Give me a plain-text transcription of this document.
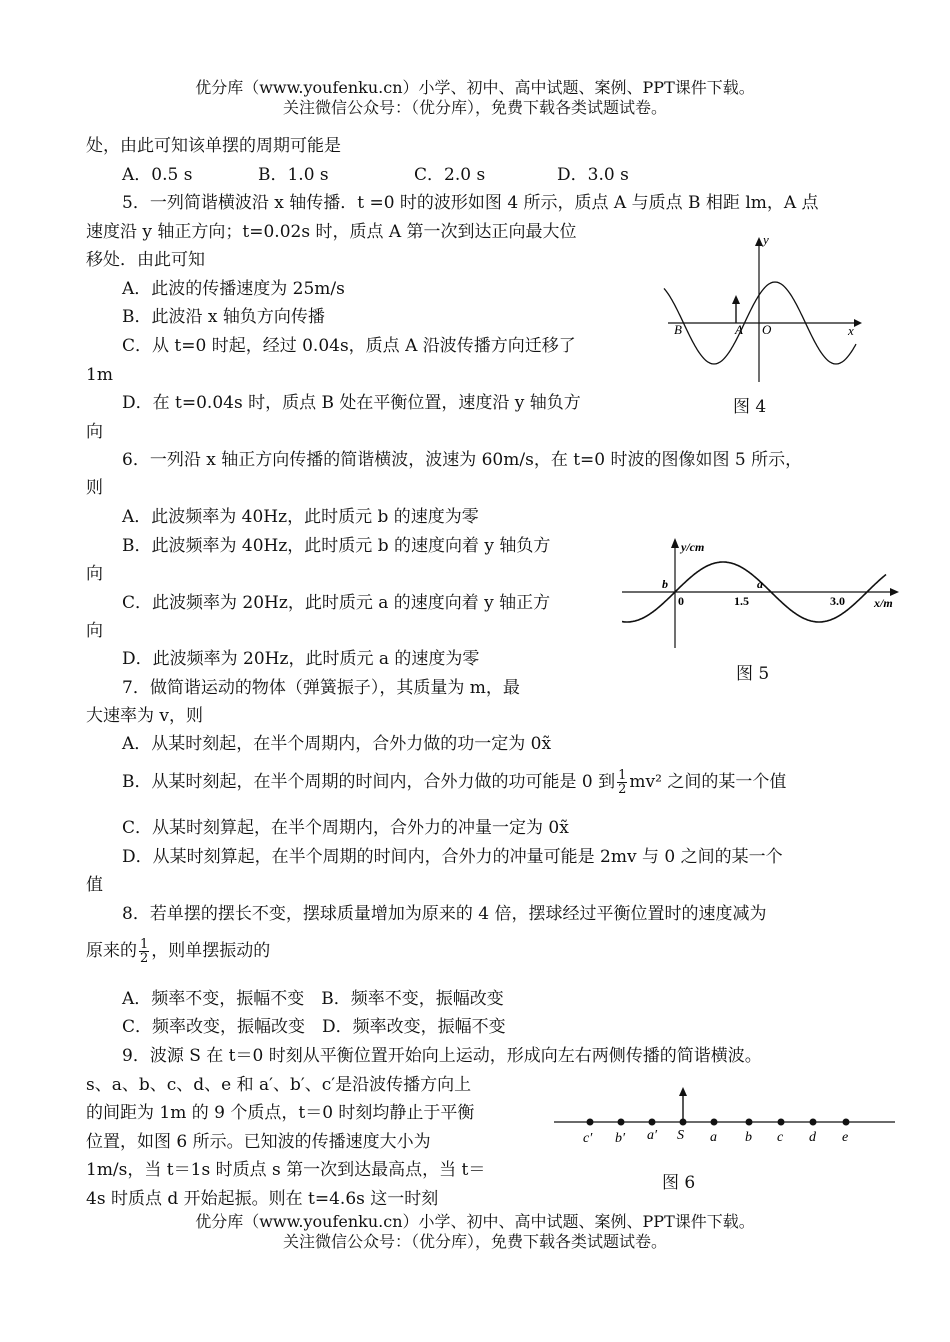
优分库（www.youfenku.cn）小学、初中、高中试题、案例、PPT课件下载。
关注微信公众号：（优分库），免费下载各类试题试卷。
处，由此可知该单摆的周期可能是
A．0.5 s	B．1.0 s	C．2.0 s	D．3.0 s
5．一列简谐横波沿 x 轴传播．t =0 时的波形如图 4 所示，质点 A 与质点 B 相距 lm，A 点
速度沿 y 轴正方向；t=0.02s 时，质点 A 第一次到达正向最大位
移处．由此可知
A．此波的传播速度为 25m/s
B．此波沿 x 轴负方向传播
C．从 t=0 时起，经过 0.04s，质点 A 沿波传播方向迁移了
1m
D．在 t=0.04s 时，质点 B 处在平衡位置，速度沿 y 轴负方
向
y
x
B	A O
图 4
6．一列沿 x 轴正方向传播的简谐横波，波速为 60m/s，在 t=0 时波的图像如图 5 所示，
则
A．此波频率为 40Hz，此时质元 b 的速度为零
B．此波频率为 40Hz，此时质元 b 的速度向着 y 轴负方
向
C．此波频率为 20Hz，此时质元 a 的速度向着 y 轴正方
向
D．此波频率为 20Hz，此时质元 a 的速度为零
y/cm
x/m
b	a
0	1.5	3.0
图 5
7．做简谐运动的物体（弹簧振子），其质量为 m，最
大速率为 v，则
A．从某时刻起，在半个周期内，合外力做的功一定为 0x̃
B．从某时刻起，在半个周期的时间内，合外力做的功可能是 0 到 $\frac{1}{2} mv^2$ 之间的某一个值
C．从某时刻算起，在半个周期内，合外力的冲量一定为 0x̃
D．从某时刻算起，在半个周期的时间内，合外力的冲量可能是 2mv 与 0 之间的某一个
值
8．若单摆的摆长不变，摆球质量增加为原来的 4 倍，摆球经过平衡位置时的速度减为
原来的 $\frac{1}{2}$ ，则单摆振动的
A．频率不变，振幅不变　B．频率不变，振幅改变
C．频率改变，振幅改变　D．频率改变，振幅不变
9．波源 S 在 t＝0 时刻从平衡位置开始向上运动，形成向左右两侧传播的简谐横波。
s、a、b、c、d、e 和 a′、b′、c′是沿波传播方向上
的间距为 1m 的 9 个质点，t＝0 时刻均静止于平衡
位置，如图 6 所示。已知波的传播速度大小为
1m/s，当 t＝1s 时质点 s 第一次到达最高点，当 t＝
4s 时质点 d 开始起振。则在 t=4.6s 这一时刻
c′ b′ a′ S a b c d e
图 6
优分库（www.youfenku.cn）小学、初中、高中试题、案例、PPT课件下载。
关注微信公众号：（优分库），免费下载各类试题试卷。
